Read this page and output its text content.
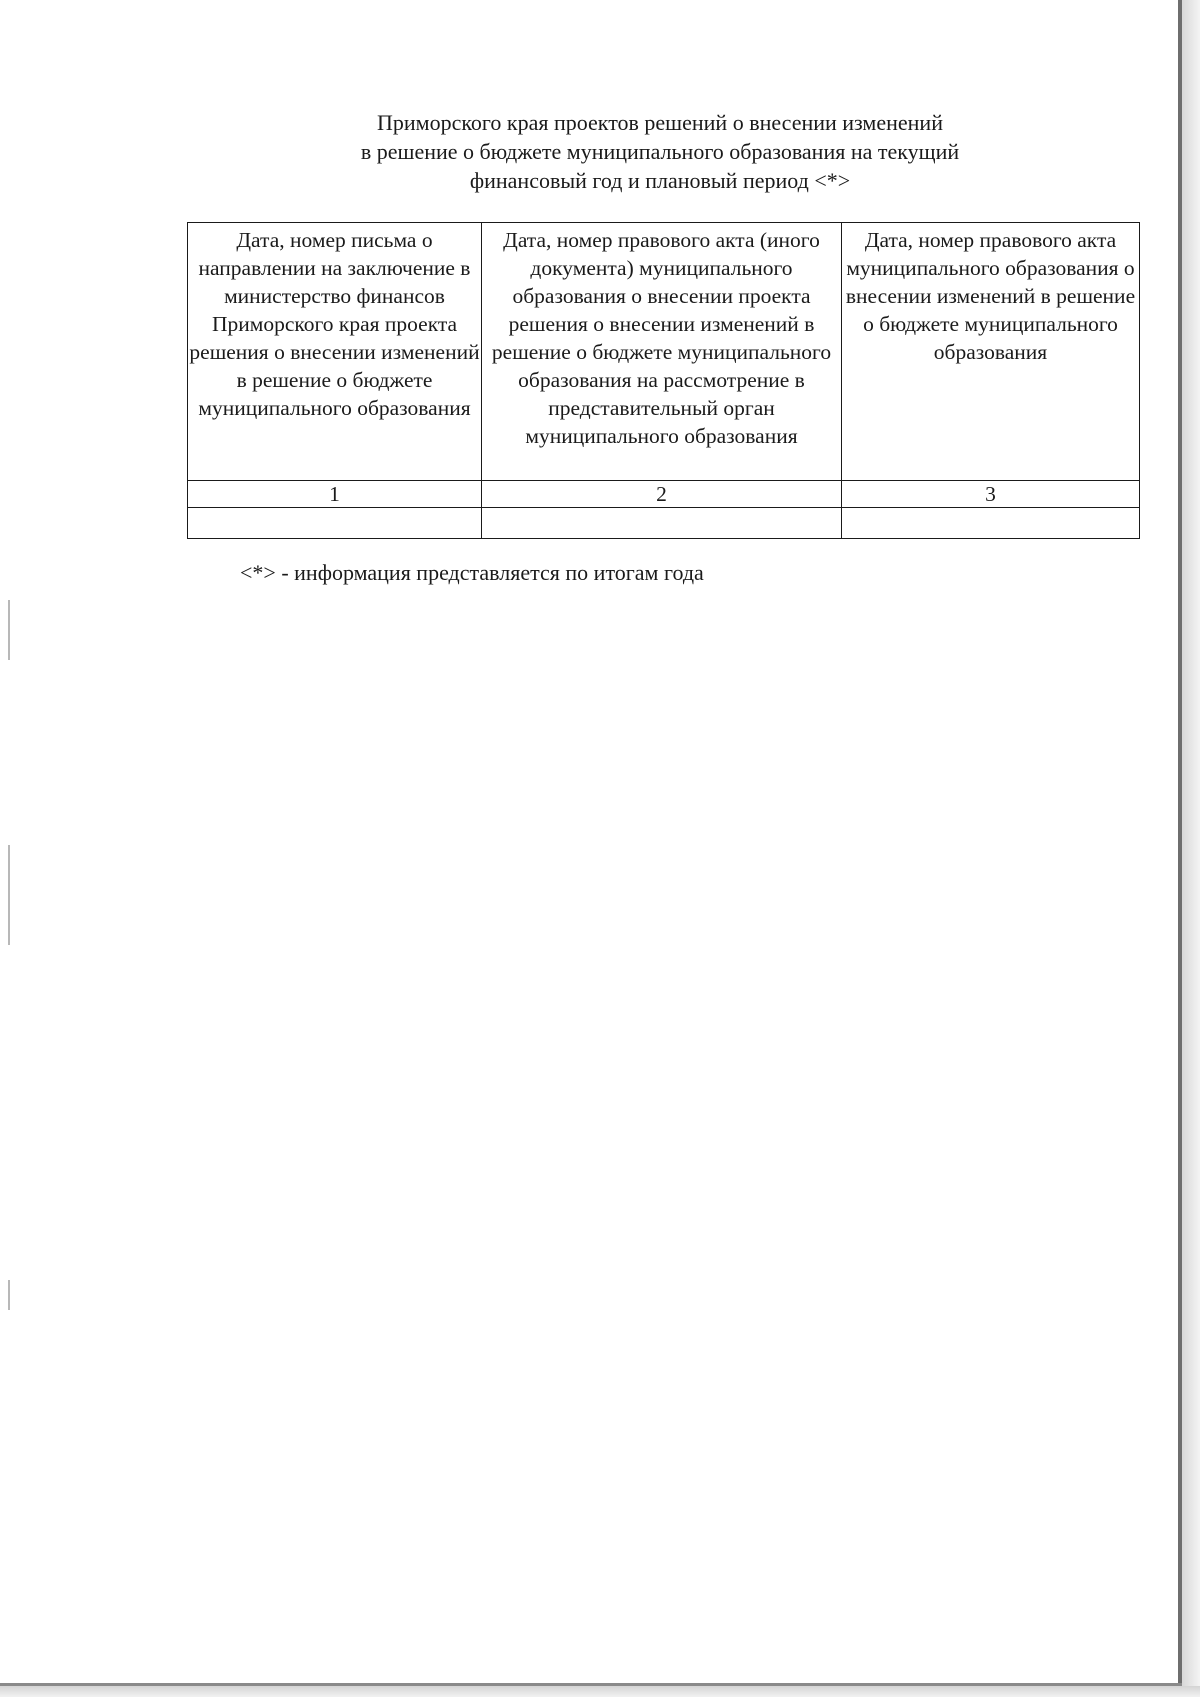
Приморского края проектов решений о внесении изменений
в решение о бюджете муниципального образования на текущий
финансовый год и плановый период <*>
Дата, номер письма о направлении на заключение в министерство финансов Приморского края проекта решения о внесении изменений в решение о бюджете муниципального образования	Дата, номер правового акта (иного документа) муниципального образования о внесении проекта решения о внесении изменений в решение о бюджете муниципального образования на рассмотрение в представительный орган муниципального образования	Дата, номер правового акта муниципального образования о внесении изменений в решение о бюджете муниципального образования
1	2	3

<*> - информация представляется по итогам года
